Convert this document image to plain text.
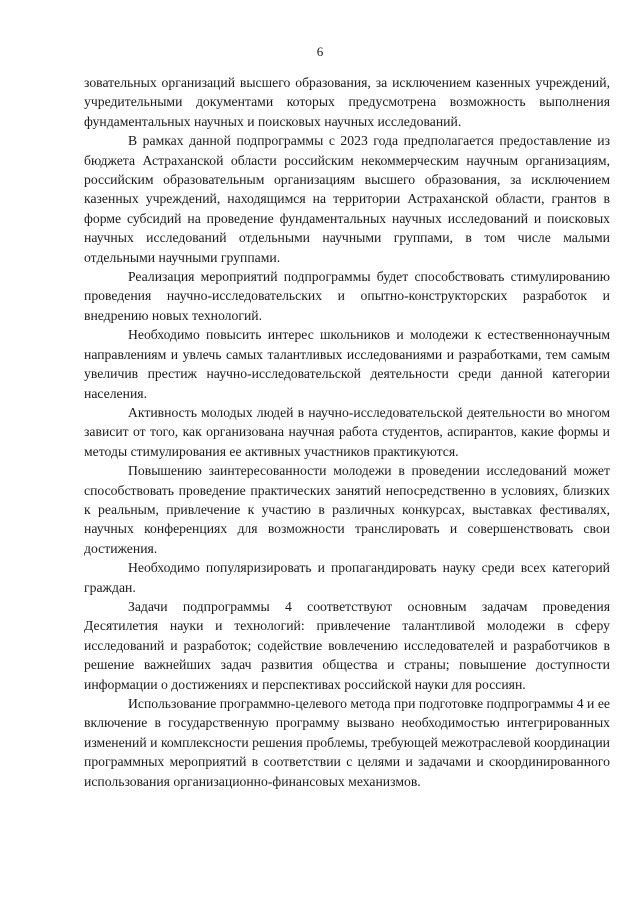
6

зовательных организаций высшего образования, за исключением казенных учреждений, учредительными документами которых предусмотрена возможность выполнения фундаментальных научных и поисковых научных исследований.

В рамках данной подпрограммы с 2023 года предполагается предоставление из бюджета Астраханской области российским некоммерческим научным организациям, российским образовательным организациям высшего образования, за исключением казенных учреждений, находящимся на территории Астраханской области, грантов в форме субсидий на проведение фундаментальных научных исследований и поисковых научных исследований отдельными научными группами, в том числе малыми отдельными научными группами.

Реализация мероприятий подпрограммы будет способствовать стимулированию проведения научно-исследовательских и опытно-конструкторских разработок и внедрению новых технологий.

Необходимо повысить интерес школьников и молодежи к естественнонаучным направлениям и увлечь самых талантливых исследованиями и разработками, тем самым увеличив престиж научно-исследовательской деятельности среди данной категории населения.

Активность молодых людей в научно-исследовательской деятельности во многом зависит от того, как организована научная работа студентов, аспирантов, какие формы и методы стимулирования ее активных участников практикуются.

Повышению заинтересованности молодежи в проведении исследований может способствовать проведение практических занятий непосредственно в условиях, близких к реальным, привлечение к участию в различных конкурсах, выставках фестивалях, научных конференциях для возможности транслировать и совершенствовать свои достижения.

Необходимо популяризировать и пропагандировать науку среди всех категорий граждан.

Задачи подпрограммы 4 соответствуют основным задачам проведения Десятилетия науки и технологий: привлечение талантливой молодежи в сферу исследований и разработок; содействие вовлечению исследователей и разработчиков в решение важнейших задач развития общества и страны; повышение доступности информации о достижениях и перспективах российской науки для россиян.

Использование программно-целевого метода при подготовке подпрограммы 4 и ее включение в государственную программу вызвано необходимостью интегрированных изменений и комплексности решения проблемы, требующей межотраслевой координации программных мероприятий в соответствии с целями и задачами и скоординированного использования организационно-финансовых механизмов.
